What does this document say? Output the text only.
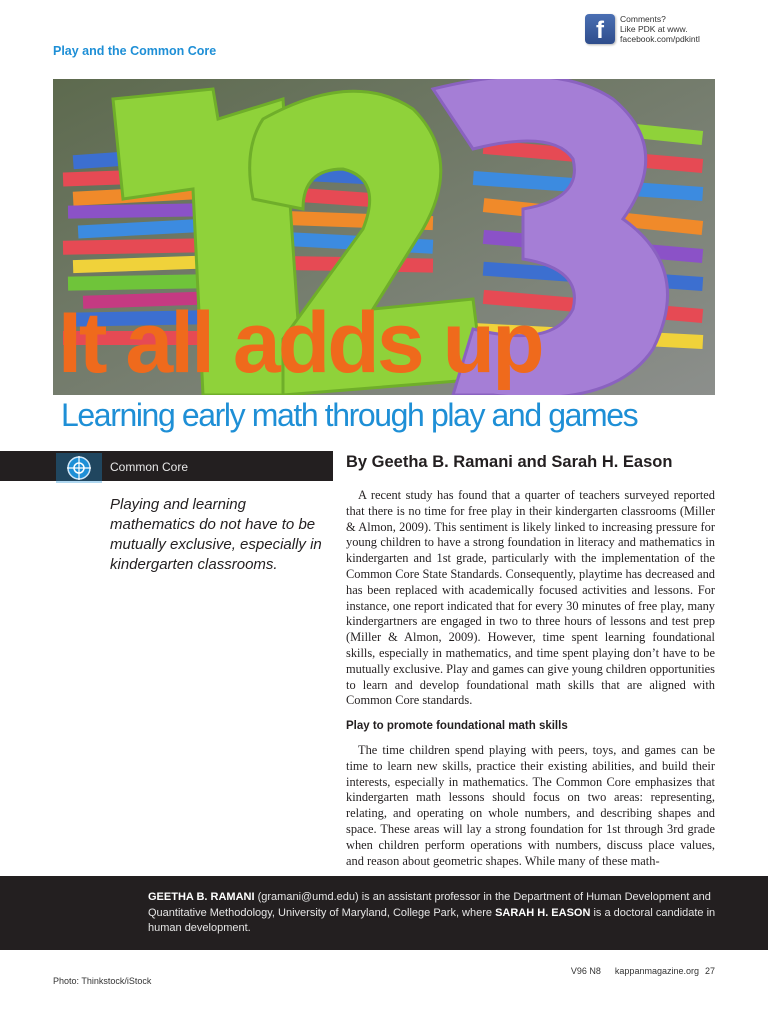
Play and the Common Core
f	Comments?
Like PDK at www.
facebook.com/pdkintl
It all adds up
Learning early math through play and games
Common Core
Playing and learning mathematics do not have to be mutually exclusive, especially in kindergarten classrooms.
By Geetha B. Ramani and Sarah H. Eason

A recent study has found that a quarter of teachers surveyed reported that there is no time for free play in their kindergarten classrooms (Miller & Almon, 2009). This sentiment is likely linked to increasing pressure for young children to have a strong foundation in literacy and mathematics in kindergarten and 1st grade, particularly with the implementation of the Common Core State Standards. Consequently, playtime has decreased and has been replaced with academically focused activities and lessons. For instance, one report indicated that for every 30 minutes of free play, many kindergartners are engaged in two to three hours of lessons and test prep (Miller & Almon, 2009). However, time spent learning foundational skills, especially in mathematics, and time spent playing don’t have to be mutually exclusive. Play and games can give young children opportunities to learn and develop foundational math skills that are aligned with Common Core standards.

Play to promote foundational math skills

The time children spend playing with peers, toys, and games can be time to learn new skills, practice their existing abilities, and build their interests, especially in mathematics. The Common Core emphasizes that kindergarten math lessons should focus on two areas: representing, relating, and operating on whole numbers, and describing shapes and space. These areas will lay a strong foundation for 1st through 3rd grade when children perform operations with numbers, discuss place values, and reason about geometric shapes. While many of these math-

GEETHA B. RAMANI (gramani@umd.edu) is an assistant professor in the Department of Human Development and Quantitative Methodology, University of Maryland, College Park, where SARAH H. EASON is a doctoral candidate in human development.
Photo: Thinkstock/iStock
V96 N8 kappanmagazine.org 27
